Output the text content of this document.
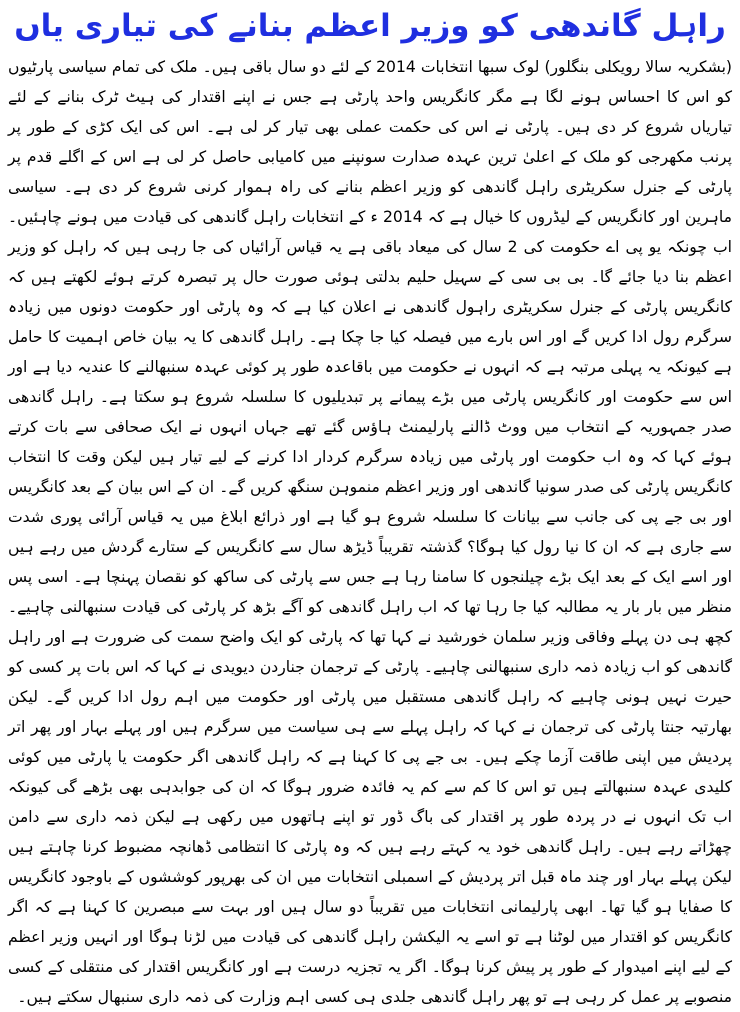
راہل گاندھی کو وزیر اعظم بنانے کی تیاری یاں

(بشکریہ سالا رویکلی بنگلور) لوک سبھا انتخابات 2014 کے لئے دو سال باقی ہیں۔ ملک کی تمام سیاسی پارٹیوں کو اس کا احساس ہونے لگا ہے مگر کانگریس واحد پارٹی ہے جس نے اپنے اقتدار کی ہیٹ ٹرک بنانے کے لئے تیاریاں شروع کر دی ہیں۔ پارٹی نے اس کی حکمت عملی بھی تیار کر لی ہے۔ اس کی ایک کڑی کے طور پر پرنب مکھرجی کو ملک کے اعلیٰ ترین عہدہ صدارت سونپنے میں کامیابی حاصل کر لی ہے اس کے اگلے قدم پر پارٹی کے جنرل سکریٹری راہل گاندھی کو وزیر اعظم بنانے کی راہ ہموار کرنی شروع کر دی ہے۔ سیاسی ماہرین اور کانگریس کے لیڈروں کا خیال ہے کہ 2014 ء کے انتخابات راہل گاندھی کی قیادت میں ہونے چاہئیں۔ اب چونکہ یو پی اے حکومت کی 2 سال کی میعاد باقی ہے یہ قیاس آرائیاں کی جا رہی ہیں کہ راہل کو وزیر اعظم بنا دیا جائے گا۔ بی بی سی کے سہیل حلیم بدلتی ہوئی صورت حال پر تبصرہ کرتے ہوئے لکھتے ہیں کہ کانگریس پارٹی کے جنرل سکریٹری راہول گاندھی نے اعلان کیا ہے کہ وہ پارٹی اور حکومت دونوں میں زیادہ سرگرم رول ادا کریں گے اور اس بارے میں فیصلہ کیا جا چکا ہے۔ راہل گاندھی کا یہ بیان خاص اہمیت کا حامل ہے کیونکہ یہ پہلی مرتبہ ہے کہ انہوں نے حکومت میں باقاعدہ طور پر کوئی عہدہ سنبھالنے کا عندیہ دیا ہے اور اس سے حکومت اور کانگریس پارٹی میں بڑے پیمانے پر تبدیلیوں کا سلسلہ شروع ہو سکتا ہے۔ راہل گاندھی صدر جمہوریہ کے انتخاب میں ووٹ ڈالنے پارلیمنٹ ہاؤس گئے تھے جہاں انہوں نے ایک صحافی سے بات کرتے ہوئے کہا کہ وہ اب حکومت اور پارٹی میں زیادہ سرگرم کردار ادا کرنے کے لیے تیار ہیں لیکن وقت کا انتخاب کانگریس پارٹی کی صدر سونیا گاندھی اور وزیر اعظم منموہن سنگھ کریں گے۔ ان کے اس بیان کے بعد کانگریس اور بی جے پی کی جانب سے بیانات کا سلسلہ شروع ہو گیا ہے اور ذرائع ابلاغ میں یہ قیاس آرائی پوری شدت سے جاری ہے کہ ان کا نیا رول کیا ہوگا؟ گذشتہ تقریباً ڈیڑھ سال سے کانگریس کے ستارے گردش میں رہے ہیں اور اسے ایک کے بعد ایک بڑے چیلنجوں کا سامنا رہا ہے جس سے پارٹی کی ساکھ کو نقصان پہنچا ہے۔ اسی پس منظر میں بار بار یہ مطالبہ کیا جا رہا تھا کہ اب راہل گاندھی کو آگے بڑھ کر پارٹی کی قیادت سنبھالنی چاہیے۔ کچھ ہی دن پہلے وفاقی وزیر سلمان خورشید نے کہا تھا کہ پارٹی کو ایک واضح سمت کی ضرورت ہے اور راہل گاندھی کو اب زیادہ ذمہ داری سنبھالنی چاہیے۔ پارٹی کے ترجمان جناردن دیویدی نے کہا کہ اس بات پر کسی کو حیرت نہیں ہونی چاہیے کہ راہل گاندھی مستقبل میں پارٹی اور حکومت میں اہم رول ادا کریں گے۔ لیکن بھارتیہ جنتا پارٹی کی ترجمان نے کہا کہ راہل پہلے سے ہی سیاست میں سرگرم ہیں اور پہلے بہار اور پھر اتر پردیش میں اپنی طاقت آزما چکے ہیں۔ بی جے پی کا کہنا ہے کہ راہل گاندھی اگر حکومت یا پارٹی میں کوئی کلیدی عہدہ سنبھالتے ہیں تو اس کا کم سے کم یہ فائدہ ضرور ہوگا کہ ان کی جوابدہی بھی بڑھے گی کیونکہ اب تک انہوں نے در پردہ طور پر اقتدار کی باگ ڈور تو اپنے ہاتھوں میں رکھی ہے لیکن ذمہ داری سے دامن چھڑاتے رہے ہیں۔ راہل گاندھی خود یہ کہتے رہے ہیں کہ وہ پارٹی کا انتظامی ڈھانچہ مضبوط کرنا چاہتے ہیں لیکن پہلے بہار اور چند ماہ قبل اتر پردیش کے اسمبلی انتخابات میں ان کی بھرپور کوششوں کے باوجود کانگریس کا صفایا ہو گیا تھا۔ ابھی پارلیمانی انتخابات میں تقریباً دو سال ہیں اور بہت سے مبصرین کا کہنا ہے کہ اگر کانگریس کو اقتدار میں لوٹنا ہے تو اسے یہ الیکشن راہل گاندھی کی قیادت میں لڑنا ہوگا اور انہیں وزیر اعظم کے لیے اپنے امیدوار کے طور پر پیش کرنا ہوگا۔ اگر یہ تجزیہ درست ہے اور کانگریس اقتدار کی منتقلی کے کسی منصوبے پر عمل کر رہی ہے تو پھر راہل گاندھی جلدی ہی کسی اہم وزارت کی ذمہ داری سنبھال سکتے ہیں۔
